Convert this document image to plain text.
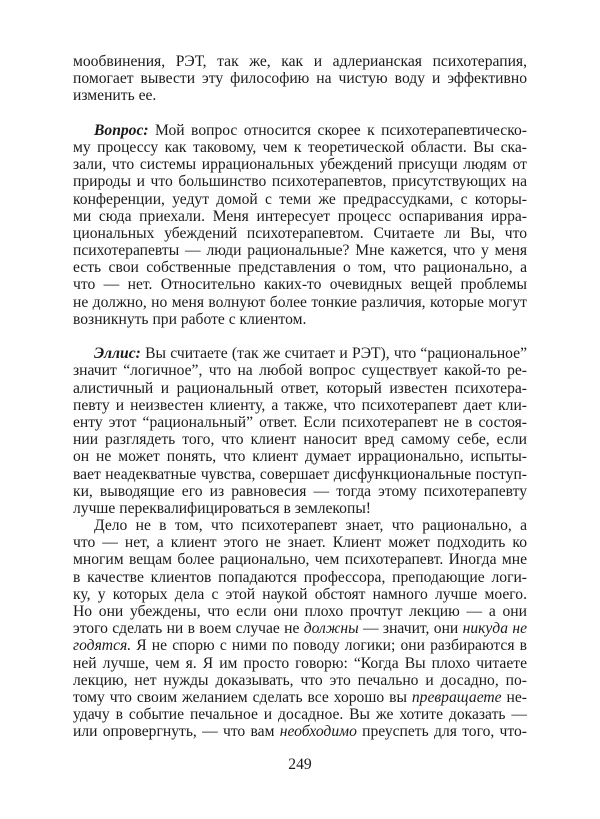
мообвинения, РЭТ, так же, как и адлерианская психотерапия,
помогает вывести эту философию на чистую воду и эффективно
изменить ее.
Вопрос: Мой вопрос относится скорее к психотерапевтическо-
му процессу как таковому, чем к теоретической области. Вы ска-
зали, что системы иррациональных убеждений присущи людям от
природы и что большинство психотерапевтов, присутствующих на
конференции, уедут домой с теми же предрассудками, с которы-
ми сюда приехали. Меня интересует процесс оспаривания ирра-
циональных убеждений психотерапевтом. Считаете ли Вы, что
психотерапевты — люди рациональные? Мне кажется, что у меня
есть свои собственные представления о том, что рационально, а
что — нет. Относительно каких-то очевидных вещей проблемы
не должно, но меня волнуют более тонкие различия, которые могут
возникнуть при работе с клиентом.
Эллис: Вы считаете (так же считает и РЭТ), что “рациональное”
значит “логичное”, что на любой вопрос существует какой-то ре-
алистичный и рациональный ответ, который известен психотера-
певту и неизвестен клиенту, а также, что психотерапевт дает кли-
енту этот “рациональный” ответ. Если психотерапевт не в состоя-
нии разглядеть того, что клиент наносит вред самому себе, если
он не может понять, что клиент думает иррационально, испыты-
вает неадекватные чувства, совершает дисфункциональные поступ-
ки, выводящие его из равновесия — тогда этому психотерапевту
лучше переквалифицироваться в землекопы!
Дело не в том, что психотерапевт знает, что рационально, а
что — нет, а клиент этого не знает. Клиент может подходить ко
многим вещам более рационально, чем психотерапевт. Иногда мне
в качестве клиентов попадаются профессора, преподающие логи-
ку, у которых дела с этой наукой обстоят намного лучше моего.
Но они убеждены, что если они плохо прочтут лекцию — а они
этого сделать ни в воем случае не должны — значит, они никуда не
годятся. Я не спорю с ними по поводу логики; они разбираются в
ней лучше, чем я. Я им просто говорю: “Когда Вы плохо читаете
лекцию, нет нужды доказывать, что это печально и досадно, по-
тому что своим желанием сделать все хорошо вы превращаете не-
удачу в событие печальное и досадное. Вы же хотите доказать —
или опровергнуть, — что вам необходимо преуспеть для того, что-
249
